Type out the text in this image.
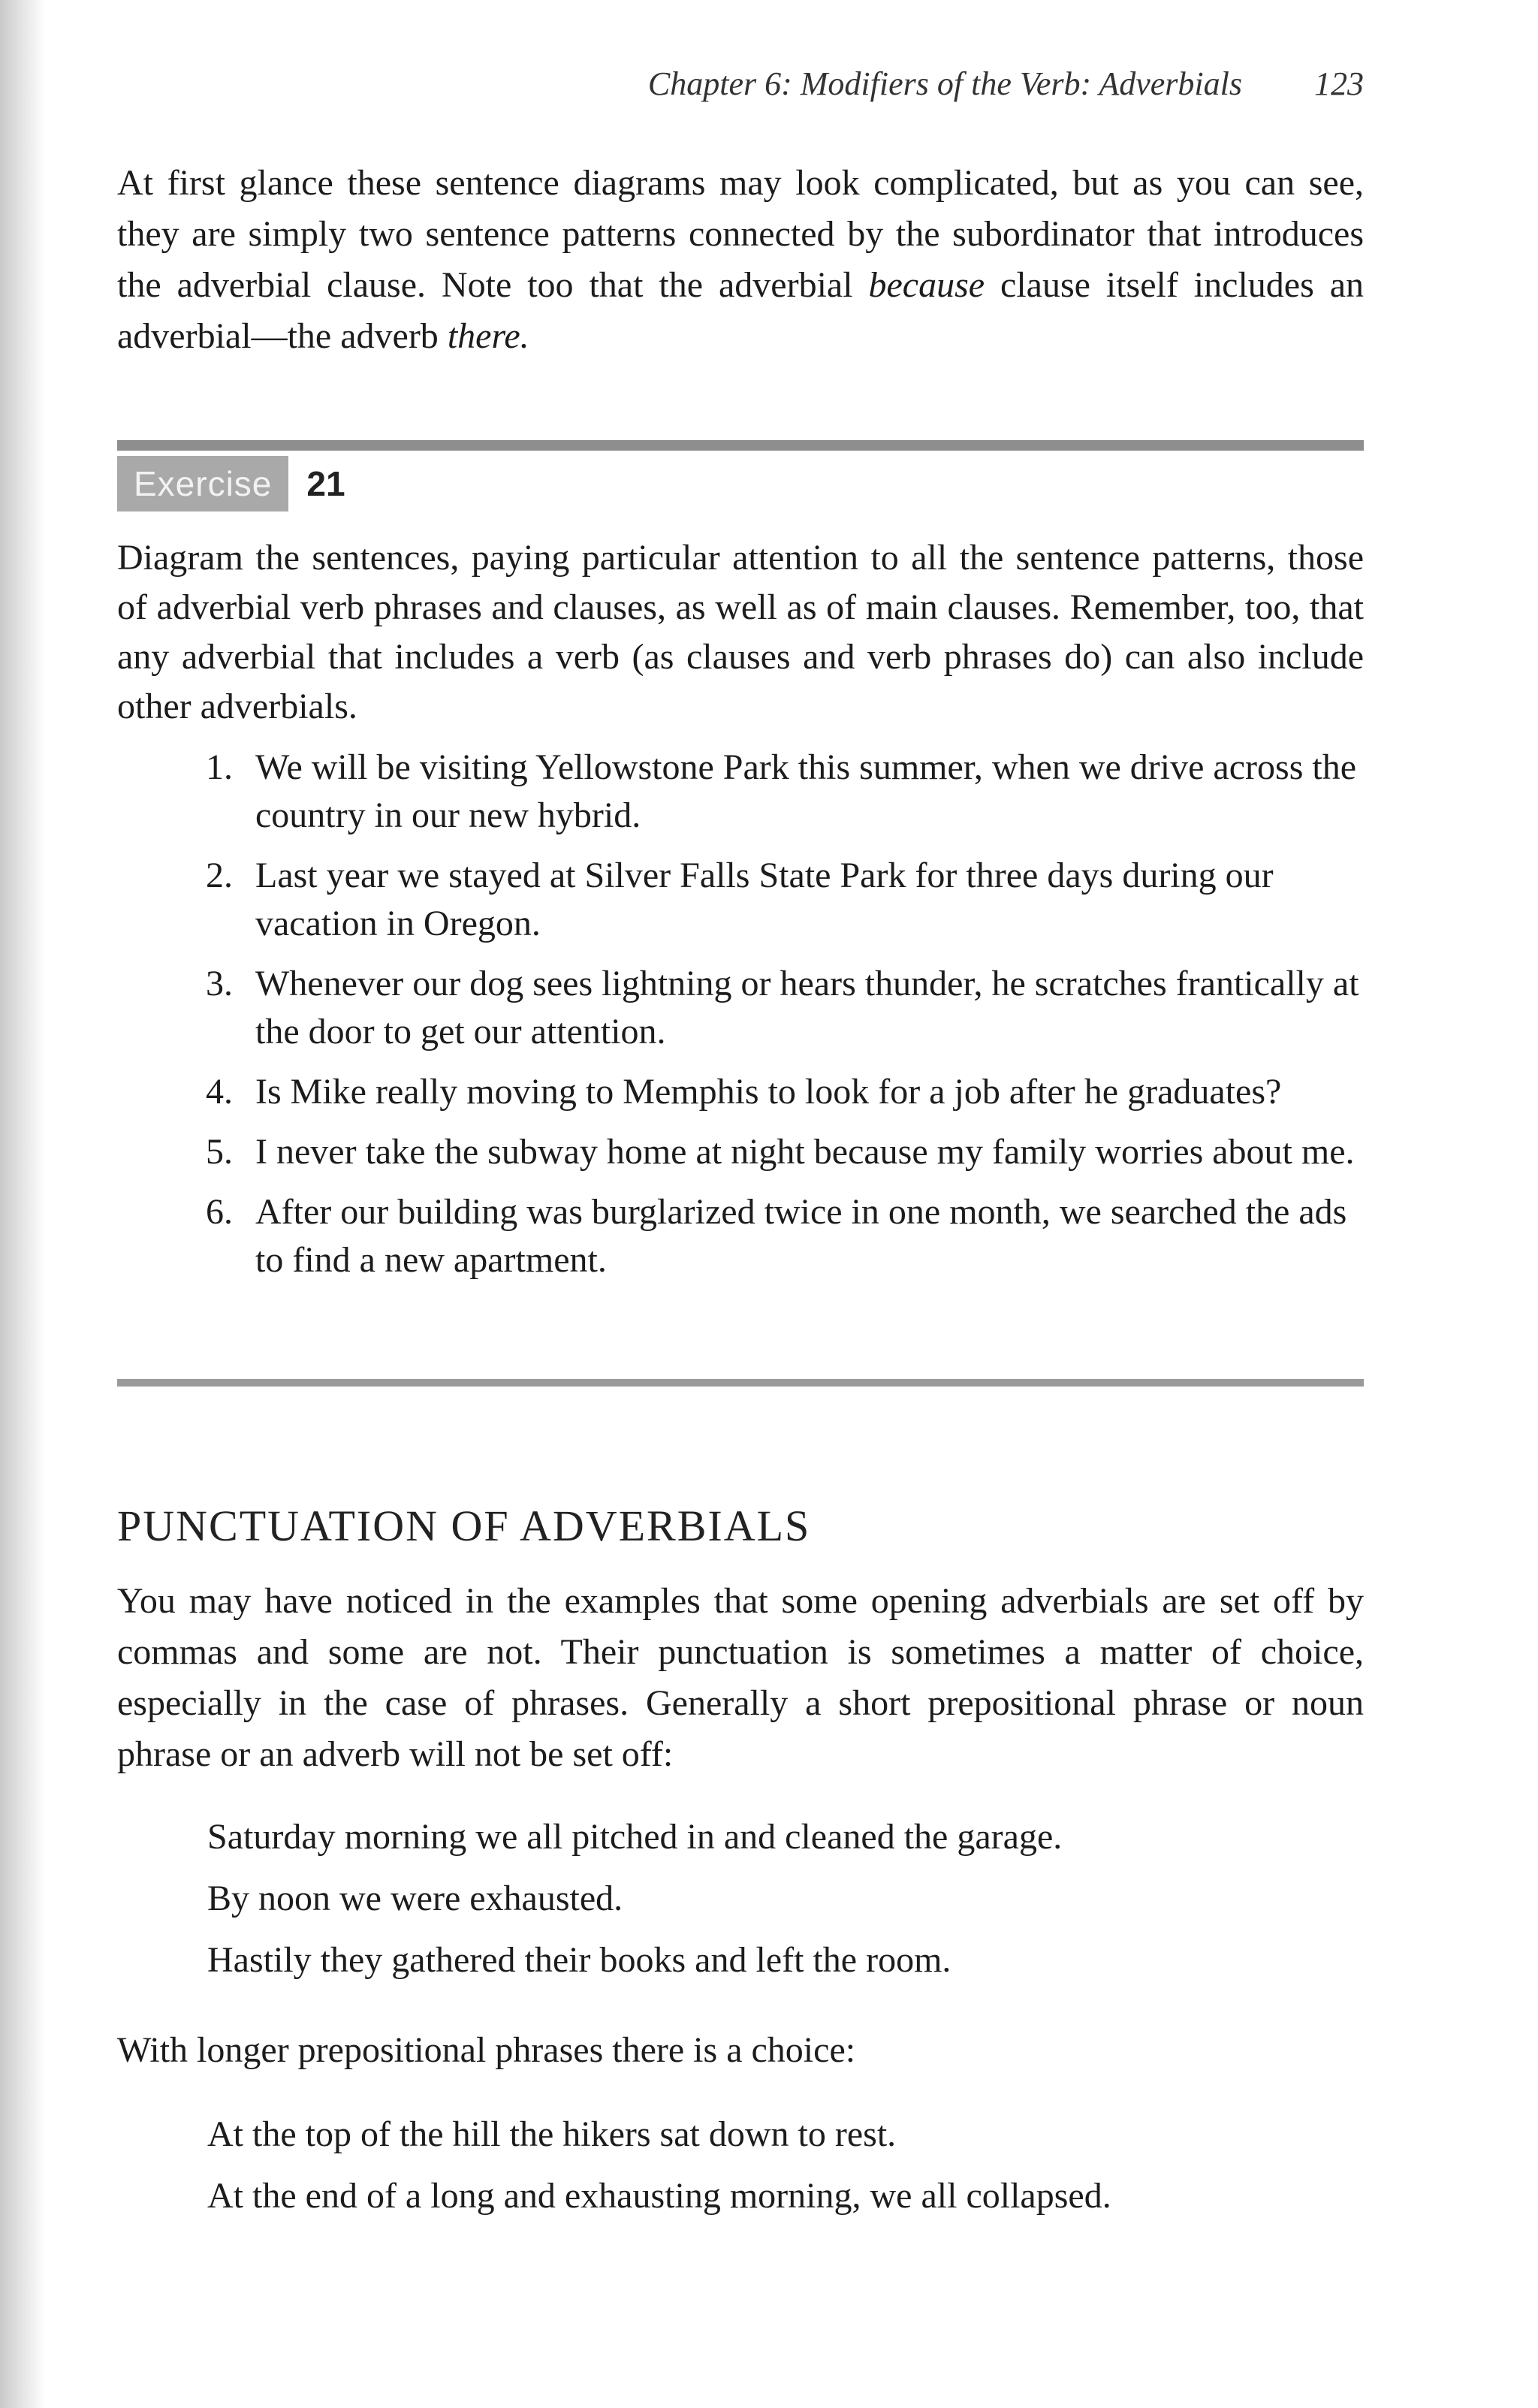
Chapter 6: Modifiers of the Verb: Adverbials 123
At first glance these sentence diagrams may look complicated, but as you can see, they are simply two sentence patterns connected by the subordinator that introduces the adverbial clause. Note too that the adverbial because clause itself includes an adverbial—the adverb there.
Exercise	21
Diagram the sentences, paying particular attention to all the sentence patterns, those of adverbial verb phrases and clauses, as well as of main clauses. Remember, too, that any adverbial that includes a verb (as clauses and verb phrases do) can also include other adverbials.
1. We will be visiting Yellowstone Park this summer, when we drive across the country in our new hybrid.
2. Last year we stayed at Silver Falls State Park for three days during our vacation in Oregon.
3. Whenever our dog sees lightning or hears thunder, he scratches frantically at the door to get our attention.
4. Is Mike really moving to Memphis to look for a job after he graduates?
5. I never take the subway home at night because my family worries about me.
6. After our building was burglarized twice in one month, we searched the ads to find a new apartment.
PUNCTUATION OF ADVERBIALS
You may have noticed in the examples that some opening adverbials are set off by commas and some are not. Their punctuation is sometimes a matter of choice, especially in the case of phrases. Generally a short prepositional phrase or noun phrase or an adverb will not be set off:
Saturday morning we all pitched in and cleaned the garage.
By noon we were exhausted.
Hastily they gathered their books and left the room.
With longer prepositional phrases there is a choice:
At the top of the hill the hikers sat down to rest.
At the end of a long and exhausting morning, we all collapsed.
